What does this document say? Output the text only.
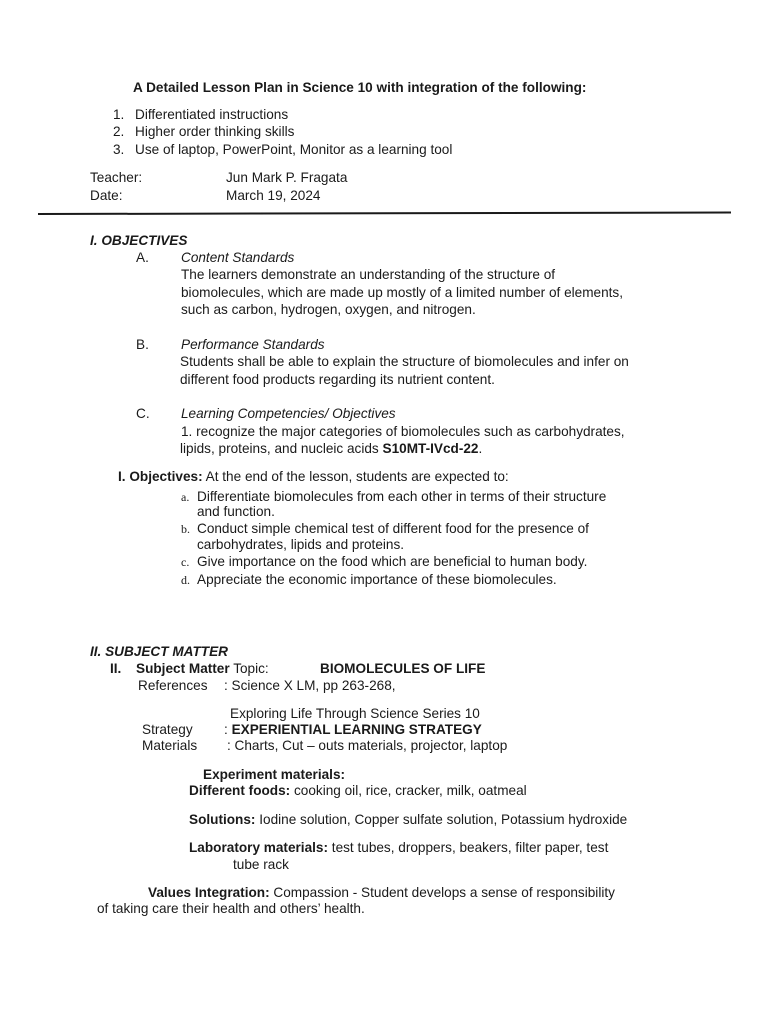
A Detailed Lesson Plan in Science 10 with integration of the following:
1. Differentiated instructions
2. Higher order thinking skills
3. Use of laptop, PowerPoint, Monitor as a learning tool
Teacher:	Jun Mark P. Fragata
Date:	March 19, 2024
I. OBJECTIVES
A. Content Standards
The learners demonstrate an understanding of the structure of
biomolecules, which are made up mostly of a limited number of elements,
such as carbon, hydrogen, oxygen, and nitrogen.
B. Performance Standards
Students shall be able to explain the structure of biomolecules and infer on
different food products regarding its nutrient content.
C. Learning Competencies/ Objectives
1. recognize the major categories of biomolecules such as carbohydrates,
lipids, proteins, and nucleic acids S10MT-IVcd-22.
I. Objectives: At the end of the lesson, students are expected to:
a. Differentiate biomolecules from each other in terms of their structure
and function.
b. Conduct simple chemical test of different food for the presence of
carbohydrates, lipids and proteins.
c. Give importance on the food which are beneficial to human body.
d. Appreciate the economic importance of these biomolecules.
II. SUBJECT MATTER
II. Subject Matter Topic:	BIOMOLECULES OF LIFE
References : Science X LM, pp 263-268,
Exploring Life Through Science Series 10
Strategy : EXPERIENTIAL LEARNING STRATEGY
Materials : Charts, Cut – outs materials, projector, laptop
Experiment materials:
Different foods: cooking oil, rice, cracker, milk, oatmeal
Solutions: Iodine solution, Copper sulfate solution, Potassium hydroxide
Laboratory materials: test tubes, droppers, beakers, filter paper, test
tube rack
Values Integration: Compassion - Student develops a sense of responsibility
of taking care their health and others’ health.
